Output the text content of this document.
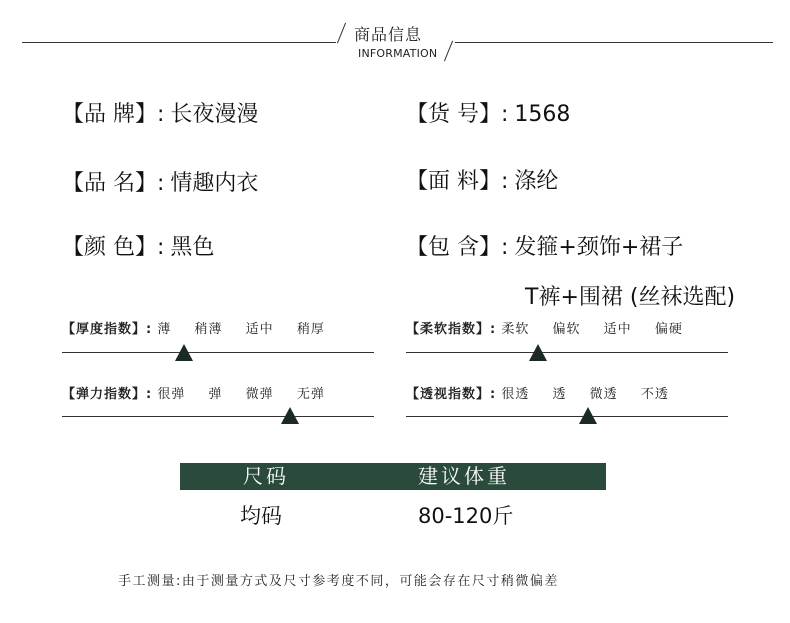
商品信息
INFORMATION
【品 牌】: 长夜漫漫	【货 号】: 1568
【品 名】: 情趣内衣	【面 料】: 涤纶
【颜 色】: 黑色	【包 含】: 发箍+颈饰+裙子
T裤+围裙 (丝袜选配)
【厚度指数】: 薄 稍薄 适中 稍厚	【柔软指数】: 柔软 偏软 适中 偏硬
【弹力指数】: 很弹 弹 微弹 无弹	【透视指数】: 很透 透 微透 不透
尺码	建议体重
均码	80-120斤
手工测量:由于测量方式及尺寸参考度不同，可能会存在尺寸稍微偏差
